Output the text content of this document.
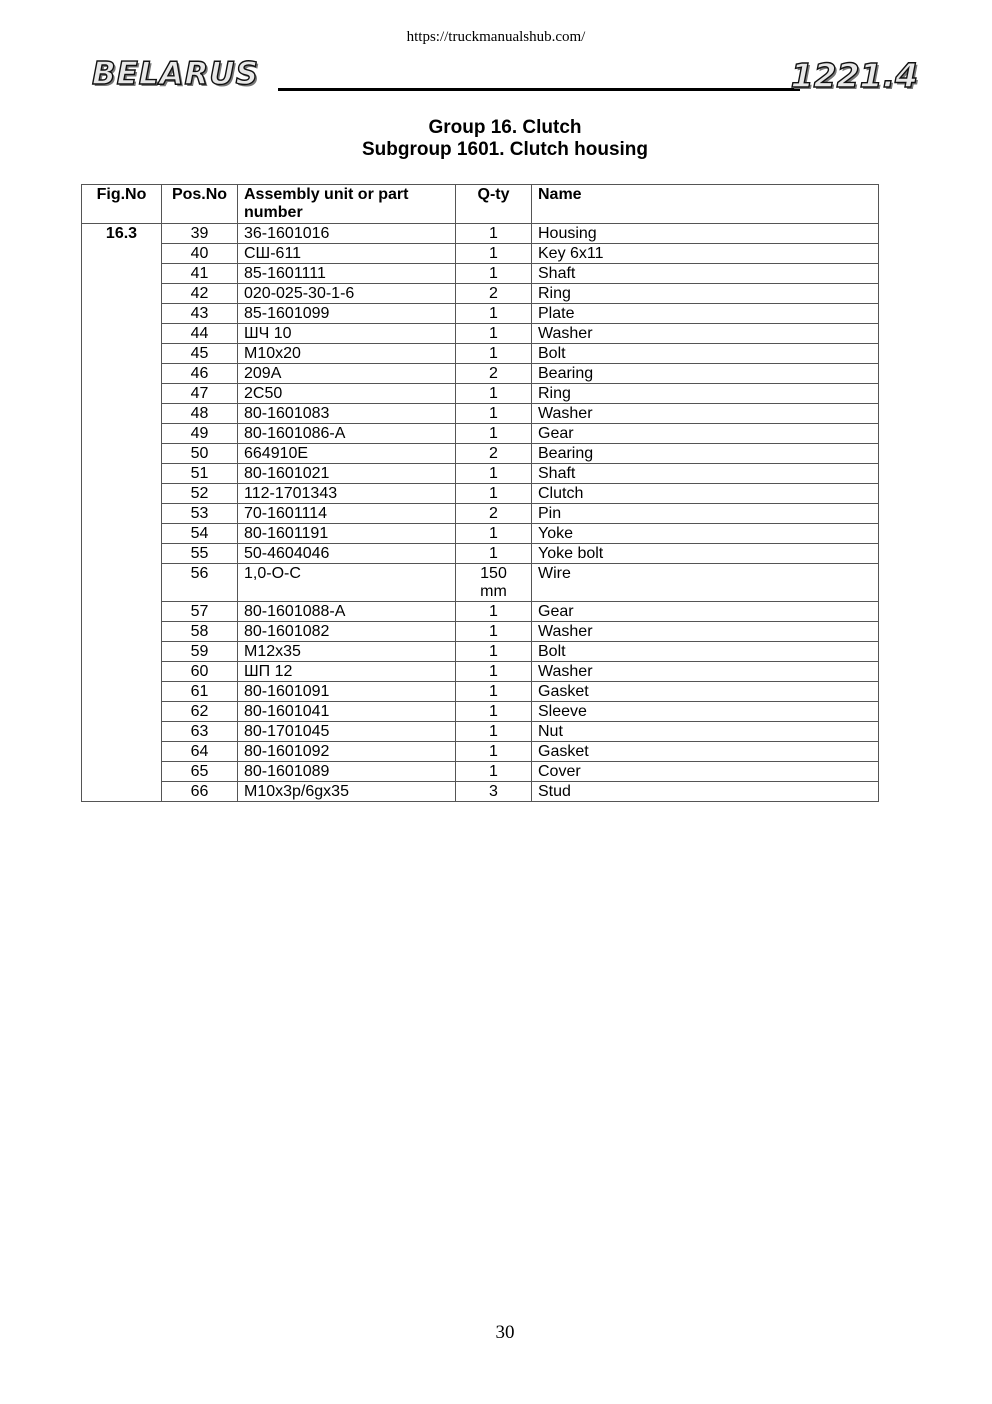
https://truckmanualshub.com/
BELARUS	1221.4
Group 16. Clutch
Subgroup 1601. Clutch housing
Fig.No	Pos.No	Assembly unit or part number	Q-ty	Name
16.3	39	36-1601016	1	Housing
	40	СШ-611	1	Key 6x11
	41	85-1601111	1	Shaft
	42	020-025-30-1-6	2	Ring
	43	85-1601099	1	Plate
	44	ШЧ 10	1	Washer
	45	М10х20	1	Bolt
	46	209А	2	Bearing
	47	2С50	1	Ring
	48	80-1601083	1	Washer
	49	80-1601086-А	1	Gear
	50	664910Е	2	Bearing
	51	80-1601021	1	Shaft
	52	112-1701343	1	Clutch
	53	70-1601114	2	Pin
	54	80-1601191	1	Yoke
	55	50-4604046	1	Yoke bolt
	56	1,0-О-С	150 mm	Wire
	57	80-1601088-А	1	Gear
	58	80-1601082	1	Washer
	59	М12х35	1	Bolt
	60	ШП 12	1	Washer
	61	80-1601091	1	Gasket
	62	80-1601041	1	Sleeve
	63	80-1701045	1	Nut
	64	80-1601092	1	Gasket
	65	80-1601089	1	Cover
	66	М10х3р/6gх35	3	Stud
30
